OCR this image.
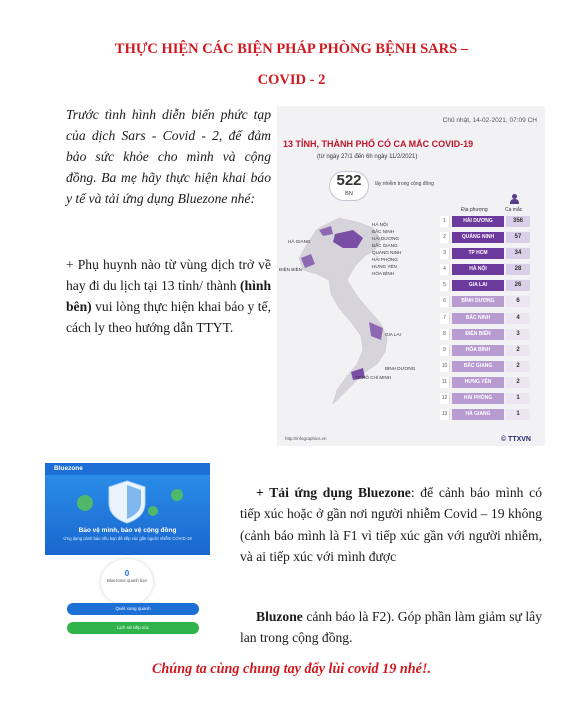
THỰC HIỆN CÁC BIỆN PHÁP PHÒNG BỆNH SARS –
COVID - 2

Trước tình hình diễn biến phức tạp của dịch Sars - Covid - 2, để đảm bảo sức khỏe cho mình và cộng đồng. Ba mẹ hãy thực hiện khai báo y tế và tải ứng dụng Bluezone nhé:

+ Phụ huynh nào từ vùng dịch trở về hay đi du lịch tại 13 tỉnh/ thành (hình bên) vui lòng thực hiện khai báo y tế, cách ly theo hướng dẫn TTYT.

Chủ nhật, 14-02-2021, 07:09 CH
13 TỈNH, THÀNH PHỐ CÓ CA MẮC COVID-19
(từ ngày 27/1 đến 6h ngày 11/2/2021)
522
BN
lây nhiễm trong cộng đồng
Địa phương	Ca mắc
HÀ NỘI
BẮC NINH
HẢI DƯƠNG
BẮC GIANG
QUẢNG NINH
HẢI PHÒNG
HƯNG YÊN
HÒA BÌNH
HÀ GIANG
ĐIỆN BIÊN
GIA LAI
BÌNH DƯƠNG
TP HỒ CHÍ MINH
1	HẢI DƯƠNG	356
2	QUẢNG NINH	57
3	TP HCM	34
4	HÀ NỘI	28
5	GIA LAI	26
6	BÌNH DƯƠNG	6
7	BẮC NINH	4
8	ĐIỆN BIÊN	3
9	HÒA BÌNH	2
10	BẮC GIANG	2
11	HƯNG YÊN	2
12	HẢI PHÒNG	1
13	HÀ GIANG	1
http://infographics.vn	© TTXVN
Bluezone
Bảo vệ mình, bảo vệ cộng đồng
Ứng dụng cảnh báo nếu bạn đã tiếp xúc gần người nhiễm COVID-19
0
Bluezoner quanh bạn
Quét xung quanh
Lịch sử tiếp xúc

+ Tải ứng dụng Bluezone: để cảnh báo mình có tiếp xúc hoặc ở gần nơi người nhiễm Covid – 19 không (cảnh báo mình là F1 vì tiếp xúc gần với người nhiễm, và ai tiếp xúc với mình được

Bluzone cảnh báo là F2). Góp phần làm giảm sự lây lan trong cộng đồng.

Chúng ta cùng chung tay đẩy lùi covid 19 nhé!.
